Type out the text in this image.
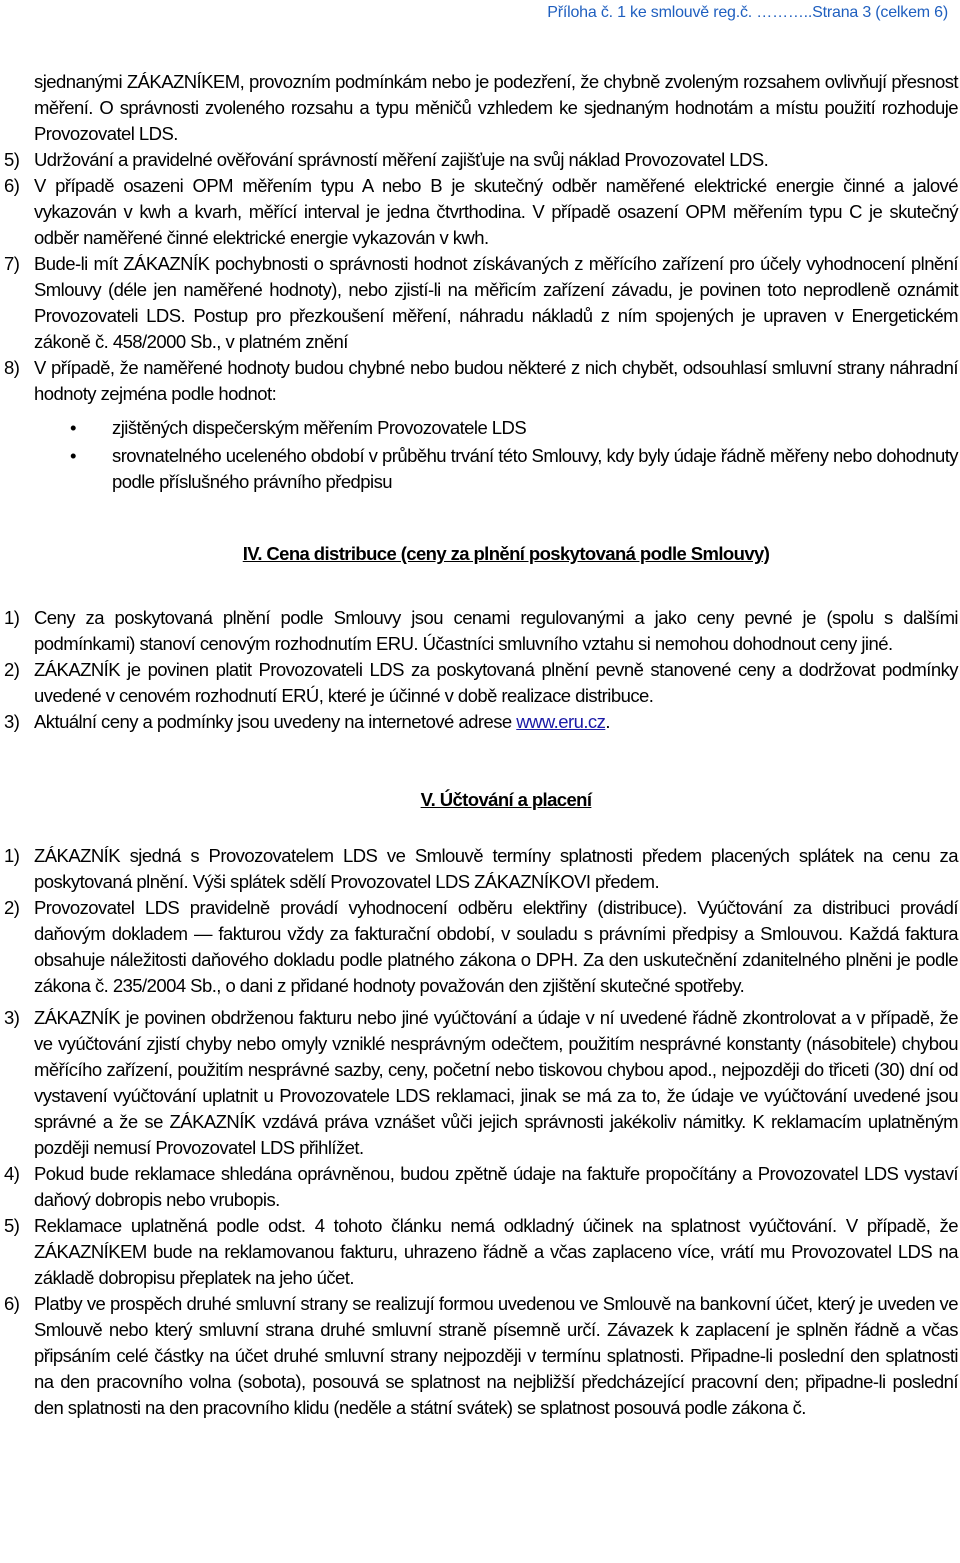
Příloha č. 1 ke smlouvě reg.č. ………..Strana 3 (celkem 6)
sjednanými ZÁKAZNÍKEM, provozním podmínkám nebo je podezření, že chybně zvoleným rozsahem ovlivňují přesnost měření. O správnosti zvoleného rozsahu a typu měničů vzhledem ke sjednaným hodnotám a místu použití rozhoduje Provozovatel LDS.
5) Udržování a pravidelné ověřování správností měření zajišťuje na svůj náklad Provozovatel LDS.
6) V případě osazeni OPM měřením typu A nebo B je skutečný odběr naměřené elektrické energie činné a jalové vykazován v kwh a kvarh, měřící interval je jedna čtvrthodina. V případě osazení OPM měřením typu C je skutečný odběr naměřené činné elektrické energie vykazován v kwh.
7) Bude-li mít ZÁKAZNÍK pochybnosti o správnosti hodnot získávaných z měřícího zařízení pro účely vyhodnocení plnění Smlouvy (déle jen naměřené hodnoty), nebo zjistí-li na měřicím zařízení závadu, je povinen toto neprodleně oznámit Provozovateli LDS. Postup pro přezkoušení měření, náhradu nákladů z ním spojených je upraven v Energetickém zákoně č. 458/2000 Sb., v platném znění
8) V případě, že naměřené hodnoty budou chybné nebo budou některé z nich chybět, odsouhlasí smluvní strany náhradní hodnoty zejména podle hodnot:
• zjištěných dispečerským měřením Provozovatele LDS
• srovnatelného uceleného období v průběhu trvání této Smlouvy, kdy byly údaje řádně měřeny nebo dohodnuty podle příslušného právního předpisu
IV. Cena distribuce (ceny za plnění poskytovaná podle Smlouvy)
1) Ceny za poskytovaná plnění podle Smlouvy jsou cenami regulovanými a jako ceny pevné je (spolu s dalšími podmínkami) stanoví cenovým rozhodnutím ERU. Účastníci smluvního vztahu si nemohou dohodnout ceny jiné.
2) ZÁKAZNÍK je povinen platit Provozovateli LDS za poskytovaná plnění pevně stanovené ceny a dodržovat podmínky uvedené v cenovém rozhodnutí ERÚ, které je účinné v době realizace distribuce.
3) Aktuální ceny a podmínky jsou uvedeny na internetové adrese www.eru.cz.
V. Účtování a placení
1) ZÁKAZNÍK sjedná s Provozovatelem LDS ve Smlouvě termíny splatnosti předem placených splátek na cenu za poskytovaná plnění. Výši splátek sdělí Provozovatel LDS ZÁKAZNÍKOVI předem.
2) Provozovatel LDS pravidelně provádí vyhodnocení odběru elektřiny (distribuce). Vyúčtování za distribuci provádí daňovým dokladem — fakturou vždy za fakturační období, v souladu s právními předpisy a Smlouvou. Každá faktura obsahuje náležitosti daňového dokladu podle platného zákona o DPH. Za den uskutečnění zdanitelného plněni je podle zákona č. 235/2004 Sb., o dani z přidané hodnoty považován den zjištění skutečné spotřeby.
3) ZÁKAZNÍK je povinen obdrženou fakturu nebo jiné vyúčtování a údaje v ní uvedené řádně zkontrolovat a v případě, že ve vyúčtování zjistí chyby nebo omyly vzniklé nesprávným odečtem, použitím nesprávné konstanty (násobitele) chybou měřícího zařízení, použitím nesprávné sazby, ceny, početní nebo tiskovou chybou apod., nejpozději do třiceti (30) dní od vystavení vyúčtování uplatnit u Provozovatele LDS reklamaci, jinak se má za to, že údaje ve vyúčtování uvedené jsou správné a že se ZÁKAZNÍK vzdává práva vznášet vůči jejich správnosti jakékoliv námitky. K reklamacím uplatněným později nemusí Provozovatel LDS přihlížet.
4) Pokud bude reklamace shledána oprávněnou, budou zpětně údaje na faktuře propočítány a Provozovatel LDS vystaví daňový dobropis nebo vrubopis.
5) Reklamace uplatněná podle odst. 4 tohoto článku nemá odkladný účinek na splatnost vyúčtování. V případě, že ZÁKAZNÍKEM bude na reklamovanou fakturu, uhrazeno řádně a včas zaplaceno více, vrátí mu Provozovatel LDS na základě dobropisu přeplatek na jeho účet.
6) Platby ve prospěch druhé smluvní strany se realizují formou uvedenou ve Smlouvě na bankovní účet, který je uveden ve Smlouvě nebo který smluvní strana druhé smluvní straně písemně určí. Závazek k zaplacení je splněn řádně a včas připsáním celé částky na účet druhé smluvní strany nejpozději v termínu splatnosti. Připadne-li poslední den splatnosti na den pracovního volna (sobota), posouvá se splatnost na nejbližší předcházející pracovní den; připadne-li poslední den splatnosti na den pracovního klidu (neděle a státní svátek) se splatnost posouvá podle zákona č.
